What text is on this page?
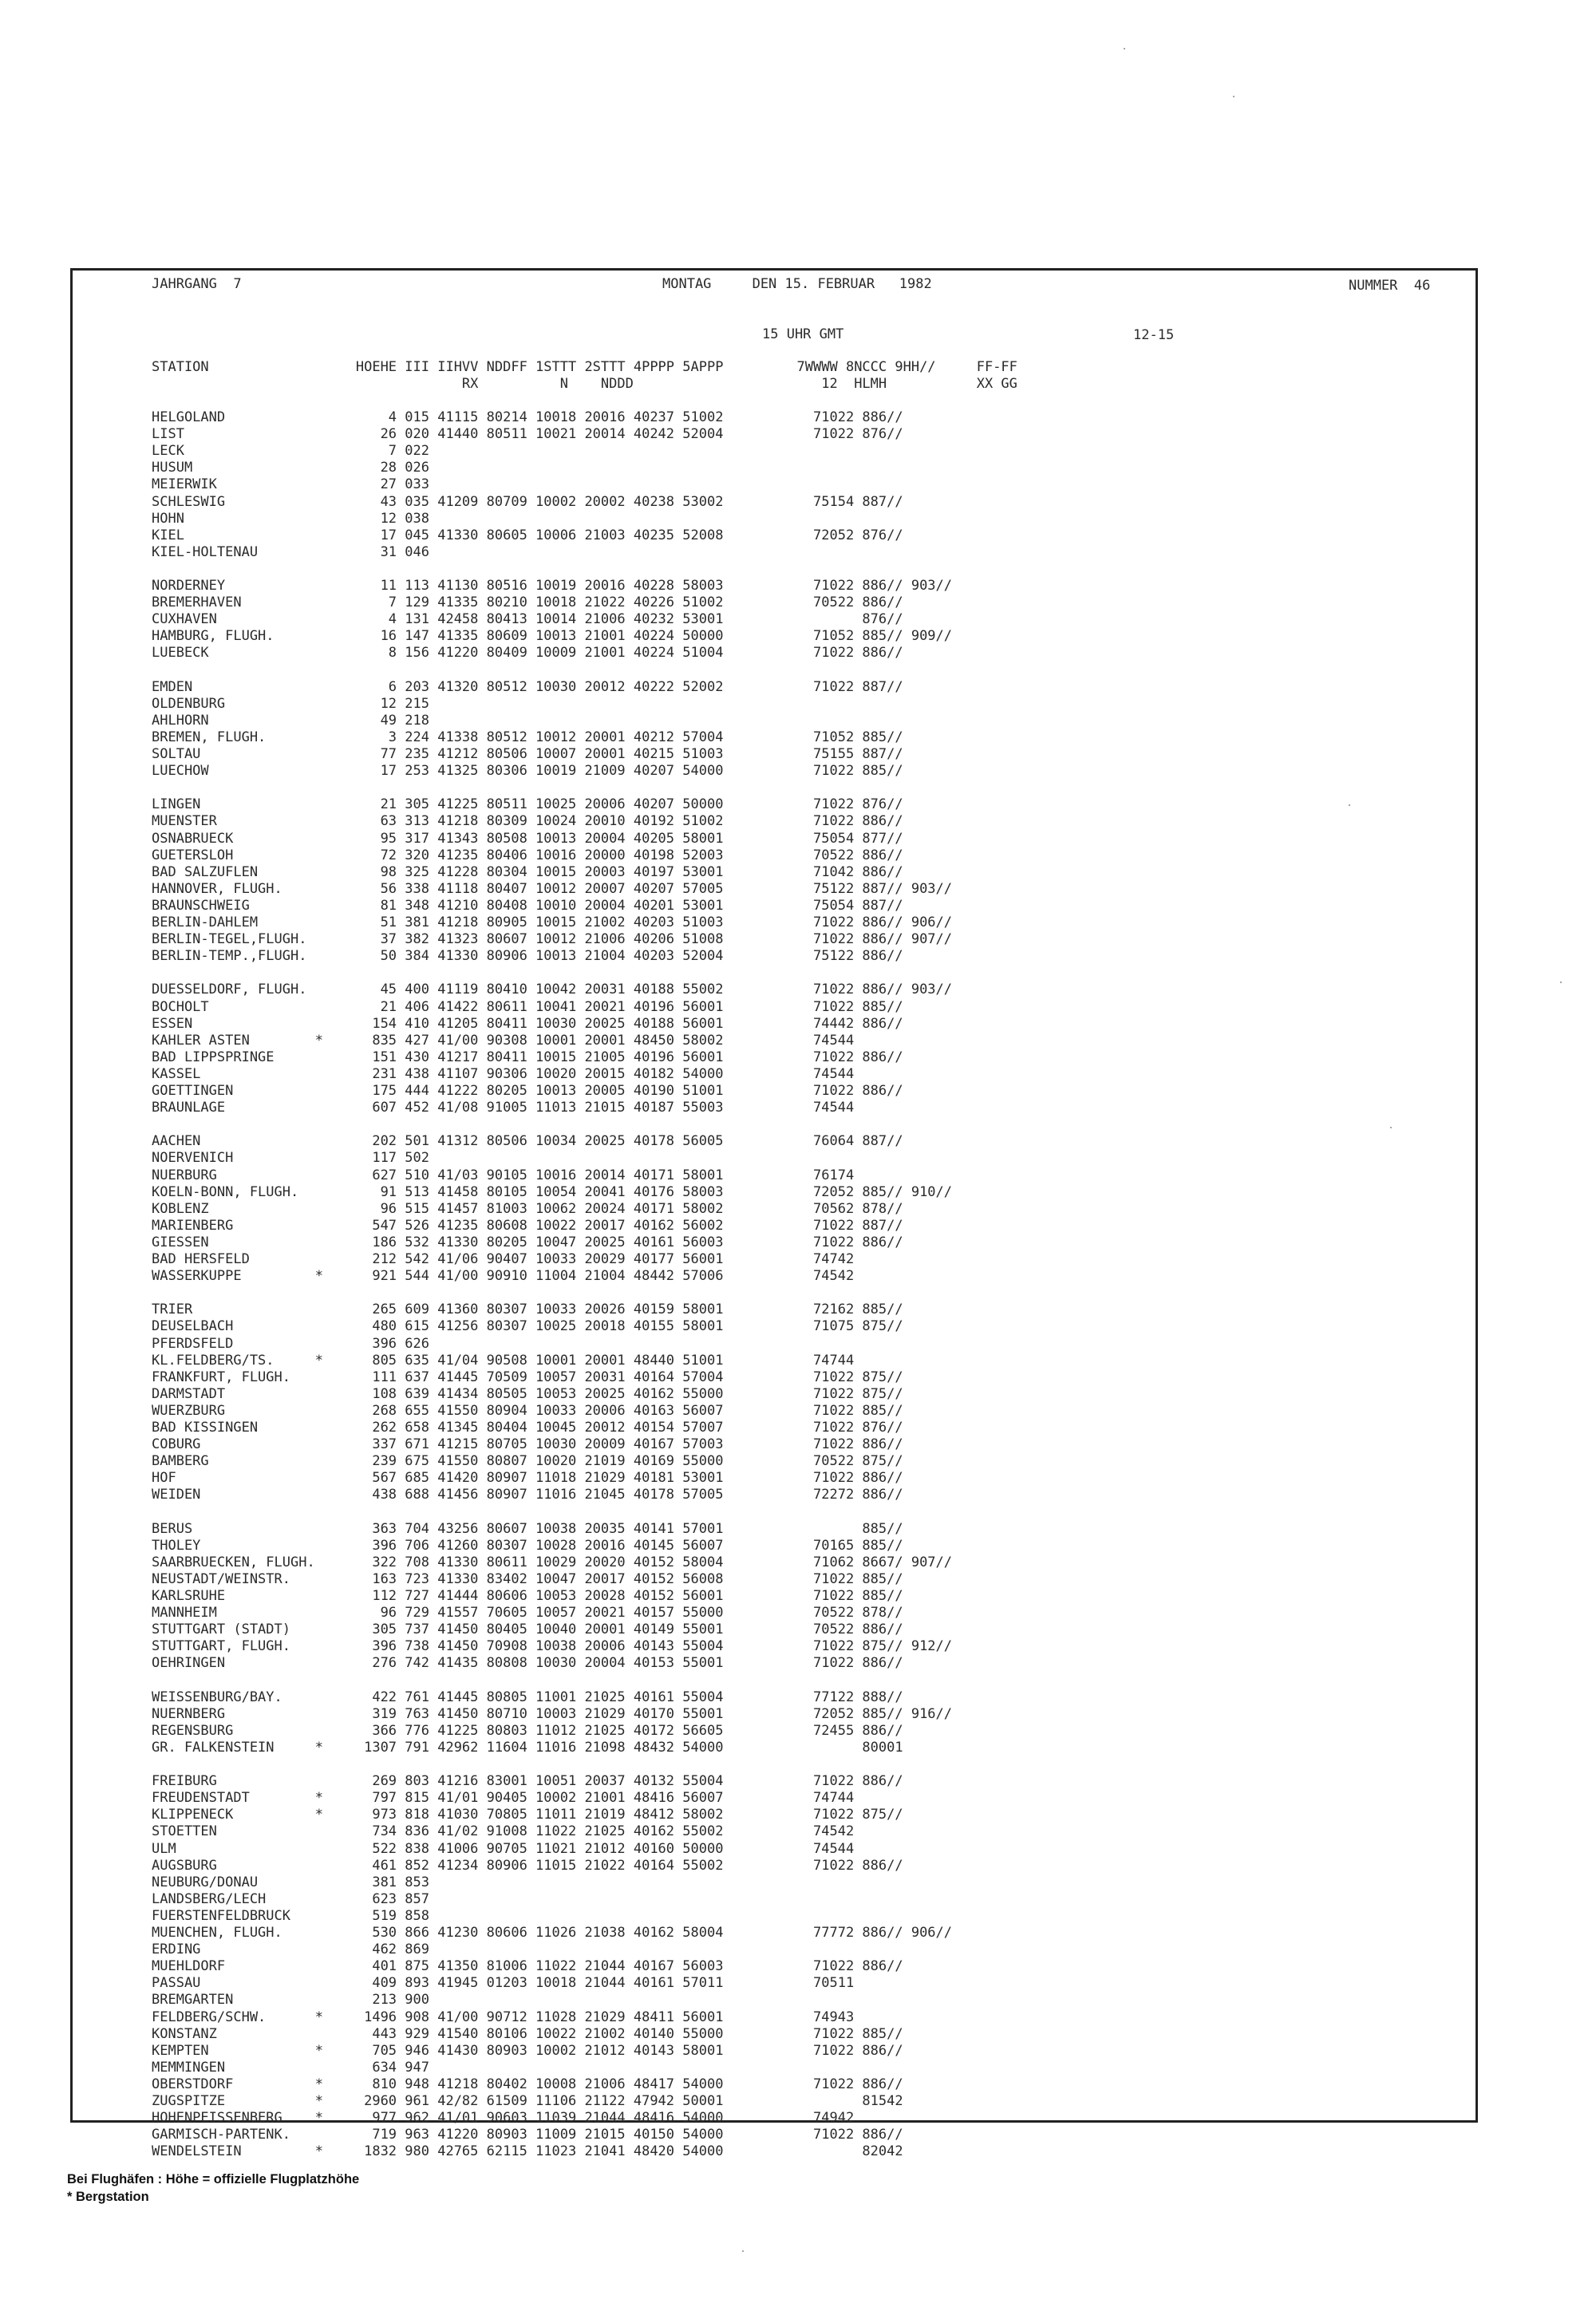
JAHRGANG  7	MONTAG     DEN 15. FEBRUAR   1982	NUMMER  46
15 UHR GMT	12-15
STATION                  HOEHE III IIHVV NDDFF 1STTT 2STTT 4PPPP 5APPP         7WWWW 8NCCC 9HH//     FF-FF
RX          N    NDDD                       12  HLMH           XX GG
HELGOLAND                    4 015 41115 80214 10018 20016 40237 51002           71022 886//
LIST                        26 020 41440 80511 10021 20014 40242 52004           71022 876//
LECK                         7 022
HUSUM                       28 026
MEIERWIK                    27 033
SCHLESWIG                   43 035 41209 80709 10002 20002 40238 53002           75154 887//
HOHN                        12 038
KIEL                        17 045 41330 80605 10006 21003 40235 52008           72052 876//
KIEL-HOLTENAU               31 046
NORDERNEY                   11 113 41130 80516 10019 20016 40228 58003           71022 886// 903//
BREMERHAVEN                  7 129 41335 80210 10018 21022 40226 51002           70522 886//
CUXHAVEN                     4 131 42458 80413 10014 21006 40232 53001                 876//
HAMBURG, FLUGH.             16 147 41335 80609 10013 21001 40224 50000           71052 885// 909//
LUEBECK                      8 156 41220 80409 10009 21001 40224 51004           71022 886//
EMDEN                        6 203 41320 80512 10030 20012 40222 52002           71022 887//
OLDENBURG                   12 215
AHLHORN                     49 218
BREMEN, FLUGH.               3 224 41338 80512 10012 20001 40212 57004           71052 885//
SOLTAU                      77 235 41212 80506 10007 20001 40215 51003           75155 887//
LUECHOW                     17 253 41325 80306 10019 21009 40207 54000           71022 885//
LINGEN                      21 305 41225 80511 10025 20006 40207 50000           71022 876//
MUENSTER                    63 313 41218 80309 10024 20010 40192 51002           71022 886//
OSNABRUECK                  95 317 41343 80508 10013 20004 40205 58001           75054 877//
GUETERSLOH                  72 320 41235 80406 10016 20000 40198 52003           70522 886//
BAD SALZUFLEN               98 325 41228 80304 10015 20003 40197 53001           71042 886//
HANNOVER, FLUGH.            56 338 41118 80407 10012 20007 40207 57005           75122 887// 903//
BRAUNSCHWEIG                81 348 41210 80408 10010 20004 40201 53001           75054 887//
BERLIN-DAHLEM               51 381 41218 80905 10015 21002 40203 51003           71022 886// 906//
BERLIN-TEGEL,FLUGH.         37 382 41323 80607 10012 21006 40206 51008           71022 886// 907//
BERLIN-TEMP.,FLUGH.         50 384 41330 80906 10013 21004 40203 52004           75122 886//
DUESSELDORF, FLUGH.         45 400 41119 80410 10042 20031 40188 55002           71022 886// 903//
BOCHOLT                     21 406 41422 80611 10041 20021 40196 56001           71022 885//
ESSEN                      154 410 41205 80411 10030 20025 40188 56001           74442 886//
KAHLER ASTEN        *      835 427 41/00 90308 10001 20001 48450 58002           74544
BAD LIPPSPRINGE            151 430 41217 80411 10015 21005 40196 56001           71022 886//
KASSEL                     231 438 41107 90306 10020 20015 40182 54000           74544
GOETTINGEN                 175 444 41222 80205 10013 20005 40190 51001           71022 886//
BRAUNLAGE                  607 452 41/08 91005 11013 21015 40187 55003           74544
AACHEN                     202 501 41312 80506 10034 20025 40178 56005           76064 887//
NOERVENICH                 117 502
NUERBURG                   627 510 41/03 90105 10016 20014 40171 58001           76174
KOELN-BONN, FLUGH.          91 513 41458 80105 10054 20041 40176 58003           72052 885// 910//
KOBLENZ                     96 515 41457 81003 10062 20024 40171 58002           70562 878//
MARIENBERG                 547 526 41235 80608 10022 20017 40162 56002           71022 887//
GIESSEN                    186 532 41330 80205 10047 20025 40161 56003           71022 886//
BAD HERSFELD               212 542 41/06 90407 10033 20029 40177 56001           74742
WASSERKUPPE         *      921 544 41/00 90910 11004 21004 48442 57006           74542
TRIER                      265 609 41360 80307 10033 20026 40159 58001           72162 885//
DEUSELBACH                 480 615 41256 80307 10025 20018 40155 58001           71075 875//
PFERDSFELD                 396 626
KL.FELDBERG/TS.     *      805 635 41/04 90508 10001 20001 48440 51001           74744
FRANKFURT, FLUGH.          111 637 41445 70509 10057 20031 40164 57004           71022 875//
DARMSTADT                  108 639 41434 80505 10053 20025 40162 55000           71022 875//
WUERZBURG                  268 655 41550 80904 10033 20006 40163 56007           71022 885//
BAD KISSINGEN              262 658 41345 80404 10045 20012 40154 57007           71022 876//
COBURG                     337 671 41215 80705 10030 20009 40167 57003           71022 886//
BAMBERG                    239 675 41550 80807 10020 21019 40169 55000           70522 875//
HOF                        567 685 41420 80907 11018 21029 40181 53001           71022 886//
WEIDEN                     438 688 41456 80907 11016 21045 40178 57005           72272 886//
BERUS                      363 704 43256 80607 10038 20035 40141 57001                 885//
THOLEY                     396 706 41260 80307 10028 20016 40145 56007           70165 885//
SAARBRUECKEN, FLUGH.       322 708 41330 80611 10029 20020 40152 58004           71062 8667/ 907//
NEUSTADT/WEINSTR.          163 723 41330 83402 10047 20017 40152 56008           71022 885//
KARLSRUHE                  112 727 41444 80606 10053 20028 40152 56001           71022 885//
MANNHEIM                    96 729 41557 70605 10057 20021 40157 55000           70522 878//
STUTTGART (STADT)          305 737 41450 80405 10040 20001 40149 55001           70522 886//
STUTTGART, FLUGH.          396 738 41450 70908 10038 20006 40143 55004           71022 875// 912//
OEHRINGEN                  276 742 41435 80808 10030 20004 40153 55001           71022 886//
WEISSENBURG/BAY.           422 761 41445 80805 11001 21025 40161 55004           77122 888//
NUERNBERG                  319 763 41450 80710 10003 21029 40170 55001           72052 885// 916//
REGENSBURG                 366 776 41225 80803 11012 21025 40172 56605           72455 886//
GR. FALKENSTEIN     *     1307 791 42962 11604 11016 21098 48432 54000                 80001
FREIBURG                   269 803 41216 83001 10051 20037 40132 55004           71022 886//
FREUDENSTADT        *      797 815 41/01 90405 10002 21001 48416 56007           74744
KLIPPENECK          *      973 818 41030 70805 11011 21019 48412 58002           71022 875//
STOETTEN                   734 836 41/02 91008 11022 21025 40162 55002           74542
ULM                        522 838 41006 90705 11021 21012 40160 50000           74544
AUGSBURG                   461 852 41234 80906 11015 21022 40164 55002           71022 886//
NEUBURG/DONAU              381 853
LANDSBERG/LECH             623 857
FUERSTENFELDBRUCK          519 858
MUENCHEN, FLUGH.           530 866 41230 80606 11026 21038 40162 58004           77772 886// 906//
ERDING                     462 869
MUEHLDORF                  401 875 41350 81006 11022 21044 40167 56003           71022 886//
PASSAU                     409 893 41945 01203 10018 21044 40161 57011           70511
BREMGARTEN                 213 900
FELDBERG/SCHW.      *     1496 908 41/00 90712 11028 21029 48411 56001           74943
KONSTANZ                   443 929 41540 80106 10022 21002 40140 55000           71022 885//
KEMPTEN             *      705 946 41430 80903 10002 21012 40143 58001           71022 886//
MEMMINGEN                  634 947
OBERSTDORF          *      810 948 41218 80402 10008 21006 48417 54000           71022 886//
ZUGSPITZE           *     2960 961 42/82 61509 11106 21122 47942 50001                 81542
HOHENPEISSENBERG    *      977 962 41/01 90603 11039 21044 48416 54000           74942
GARMISCH-PARTENK.          719 963 41220 80903 11009 21015 40150 54000           71022 886//
WENDELSTEIN         *     1832 980 42765 62115 11023 21041 48420 54000                 82042
Bei Flughäfen : Höhe = offizielle Flugplatzhöhe
* Bergstation
